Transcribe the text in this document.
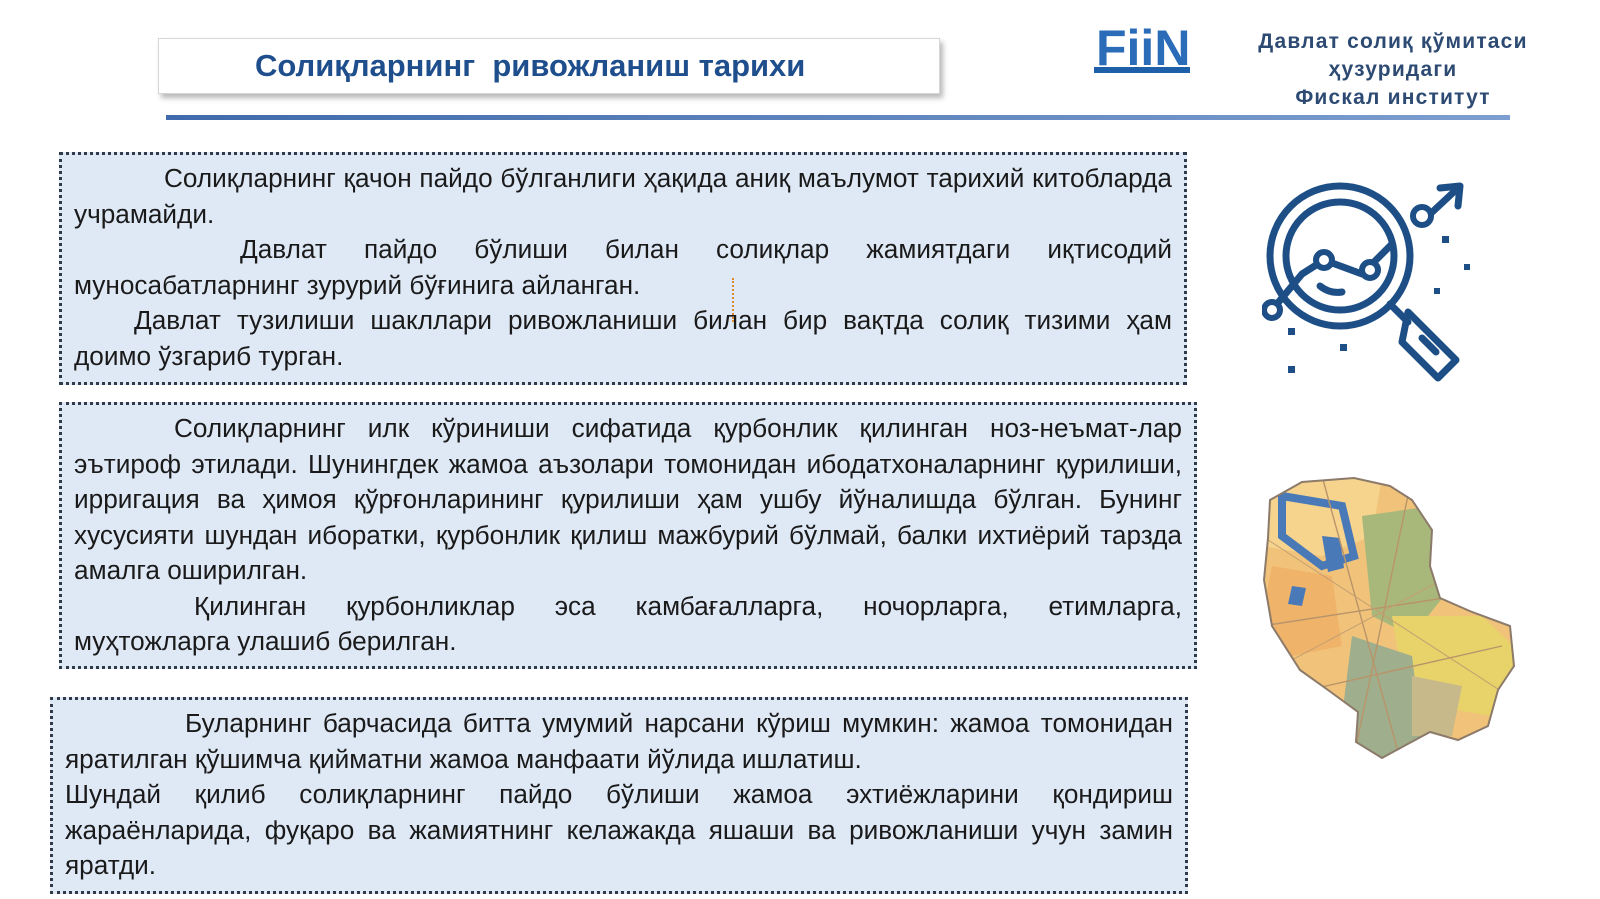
Солиқларнинг  ривожланиш тарихи	FiiN	Давлат солиқ қўмитаси
ҳузуридаги
Фискал институт

Солиқларнинг қачон пайдо бўлганлиги ҳақида аниқ маълумот тарихий китобларда учрамайди.

Давлат пайдо бўлиши билан солиқлар жамиятдаги иқтисодий муносабатларнинг зурурий бўғинига айланган.

Давлат тузилиши шакллари ривожланиши билан бир вақтда солиқ тизими ҳам доимо ўзгариб турган.

Солиқларнинг илк кўриниши сифатида қурбонлик қилинган ноз-неъмат-лар эътироф этилади. Шунингдек жамоа аъзолари томонидан ибодатхоналарнинг қурилиши, ирригация ва ҳимоя қўрғонларининг қурилиши ҳам ушбу йўналишда бўлган. Бунинг хусусияти шундан иборатки, қурбонлик қилиш мажбурий бўлмай, балки ихтиёрий тарзда амалга оширилган.

Қилинган қурбонликлар эса камбағалларга, ночорларга, етимларга, муҳтожларга улашиб берилган.

Буларнинг барчасида битта умумий нарсани кўриш мумкин: жамоа томонидан яратилган қўшимча қийматни жамоа манфаати йўлида ишлатиш.

Шундай қилиб солиқларнинг пайдо бўлиши жамоа эхтиёжларини қондириш жараёнларида, фуқаро ва жамиятнинг келажакда яшаши ва ривожланиши учун замин яратди.
